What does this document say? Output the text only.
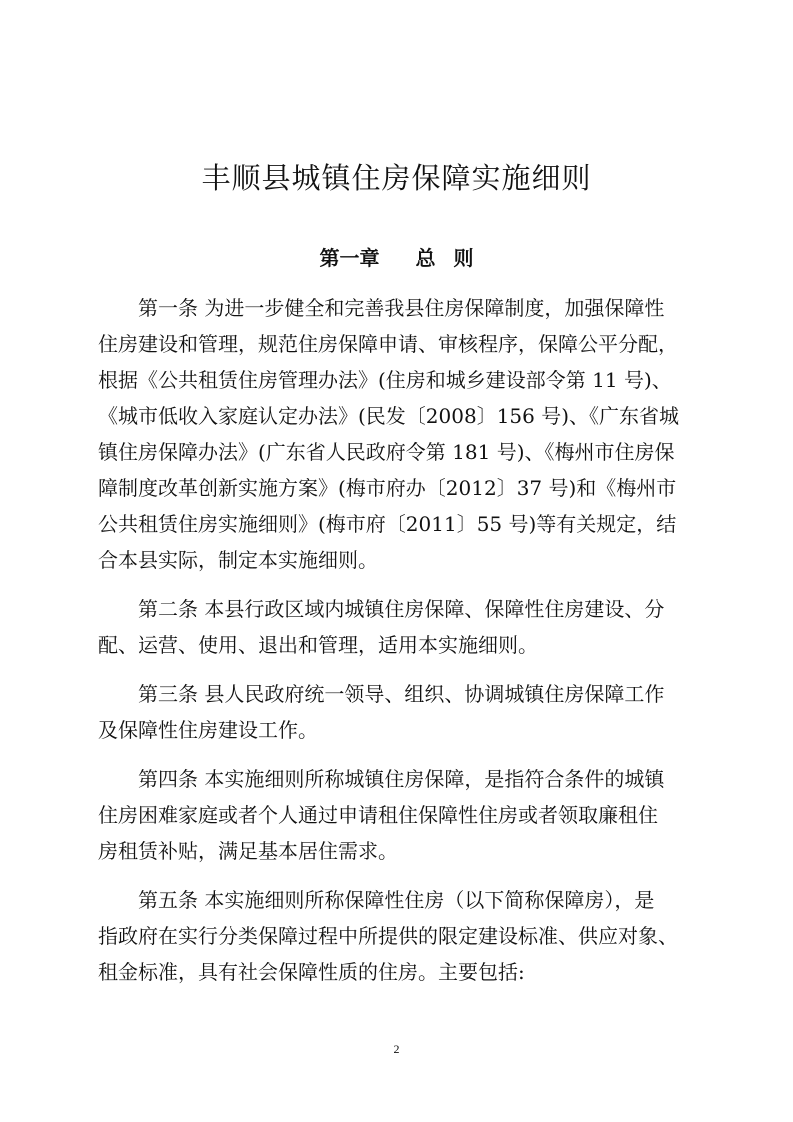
丰顺县城镇住房保障实施细则
第一章 总 则
　　第一条 为进一步健全和完善我县住房保障制度，加强保障性
住房建设和管理，规范住房保障申请、审核程序，保障公平分配，
根据《公共租赁住房管理办法》(住房和城乡建设部令第 11 号)、
《城市低收入家庭认定办法》(民发〔2008〕156 号)、《广东省城
镇住房保障办法》(广东省人民政府令第 181 号)、《梅州市住房保
障制度改革创新实施方案》(梅市府办〔2012〕37 号)和《梅州市
公共租赁住房实施细则》(梅市府〔2011〕55 号)等有关规定，结
合本县实际，制定本实施细则。
　　第二条 本县行政区域内城镇住房保障、保障性住房建设、分
配、运营、使用、退出和管理，适用本实施细则。
　　第三条 县人民政府统一领导、组织、协调城镇住房保障工作
及保障性住房建设工作。
　　第四条 本实施细则所称城镇住房保障，是指符合条件的城镇
住房困难家庭或者个人通过申请租住保障性住房或者领取廉租住
房租赁补贴，满足基本居住需求。
　　第五条 本实施细则所称保障性住房（以下简称保障房），是
指政府在实行分类保障过程中所提供的限定建设标准、供应对象、
租金标准，具有社会保障性质的住房。主要包括:
2
